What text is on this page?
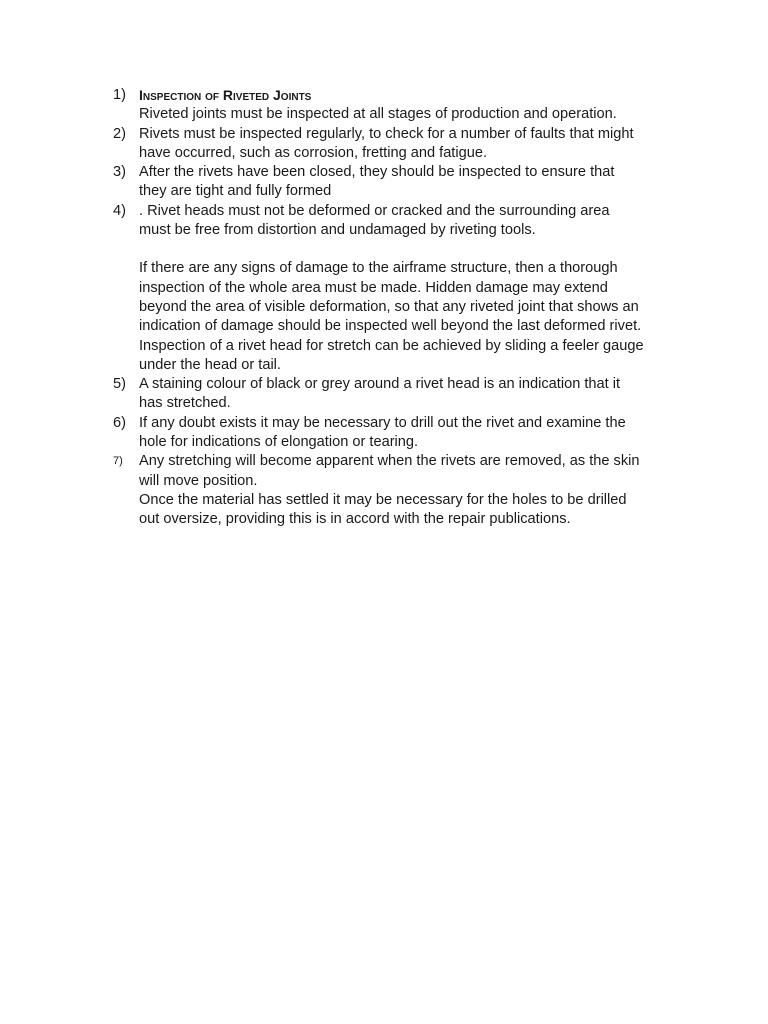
1) Inspection of Riveted Joints
Riveted joints must be inspected at all stages of production and operation.
2) Rivets must be inspected regularly, to check for a number of faults that might
have occurred, such as corrosion, fretting and fatigue.
3) After the rivets have been closed, they should be inspected to ensure that
they are tight and fully formed
4) . Rivet heads must not be deformed or cracked and the surrounding area
must be free from distortion and undamaged by riveting tools.
If there are any signs of damage to the airframe structure, then a thorough
inspection of the whole area must be made. Hidden damage may extend
beyond the area of visible deformation, so that any riveted joint that shows an
indication of damage should be inspected well beyond the last deformed rivet.
Inspection of a rivet head for stretch can be achieved by sliding a feeler gauge
under the head or tail.
5) A staining colour of black or grey around a rivet head is an indication that it
has stretched.
6) If any doubt exists it may be necessary to drill out the rivet and examine the
hole for indications of elongation or tearing.
7) Any stretching will become apparent when the rivets are removed, as the skin
will move position.
Once the material has settled it may be necessary for the holes to be drilled
out oversize, providing this is in accord with the repair publications.
